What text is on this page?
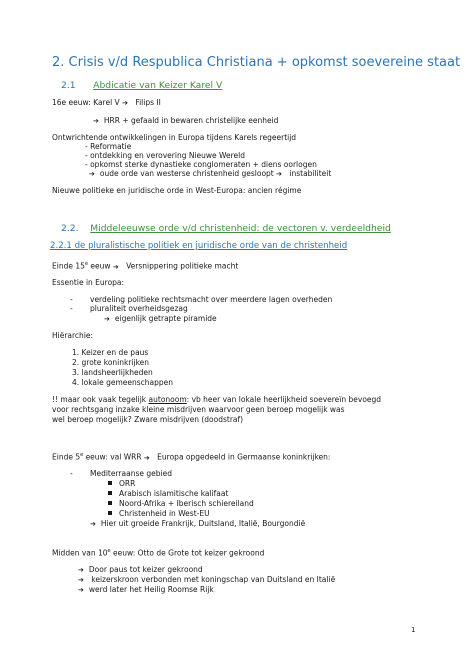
2. Crisis v/d Respublica Christiana + opkomst soevereine staat
2.1 Abdicatie van Keizer Karel V
16e eeuw: Karel V ➔ Filips II
➔ HRR + gefaald in bewaren christelijke eenheid
Ontwrichtende ontwikkelingen in Europa tijdens Karels regeertijd
- Reformatie
- ontdekking en verovering Nieuwe Wereld
- opkomst sterke dynastieke conglomeraten + diens oorlogen
➔ oude orde van westerse christenheid gesloopt ➔ instabiliteit
Nieuwe politieke en juridische orde in West-Europa: ancien régime
2.2. Middeleeuwse orde v/d christenheid: de vectoren v. verdeeldheid
2.2.1 de pluralistische politiek en juridische orde van de christenheid
Einde 15e eeuw ➔ Versnippering politieke macht
Essentie in Europa:
- verdeling politieke rechtsmacht over meerdere lagen overheden
- pluraliteit overheidsgezag
➔ eigenlijk getrapte piramide
Hiërarchie:
1. Keizer en de paus
2. grote koninkrijken
3. landsheerlijkheden
4. lokale gemeenschappen
!! maar ook vaak tegelijk autonoom: vb heer van lokale heerlijkheid soevereïn bevoegd
voor rechtsgang inzake kleine misdrijven waarvoor geen beroep mogelijk was
wel beroep mogelijk? Zware misdrijven (doodstraf)
Einde 5e eeuw: val WRR ➔ Europa opgedeeld in Germaanse koninkrijken:
- Mediterraanse gebied
ORR
Arabisch islamitische kalifaat
Noord-Afrika + Iberisch schiereiland
Christenheid in West-EU
➔ Hier uit groeide Frankrijk, Duitsland, Italië, Bourgondië
Midden van 10e eeuw: Otto de Grote tot keizer gekroond
➔ Door paus tot keizer gekroond
➔ keizerskroon verbonden met koningschap van Duitsland en Italië
➔ werd later het Heilig Roomse Rijk
1
